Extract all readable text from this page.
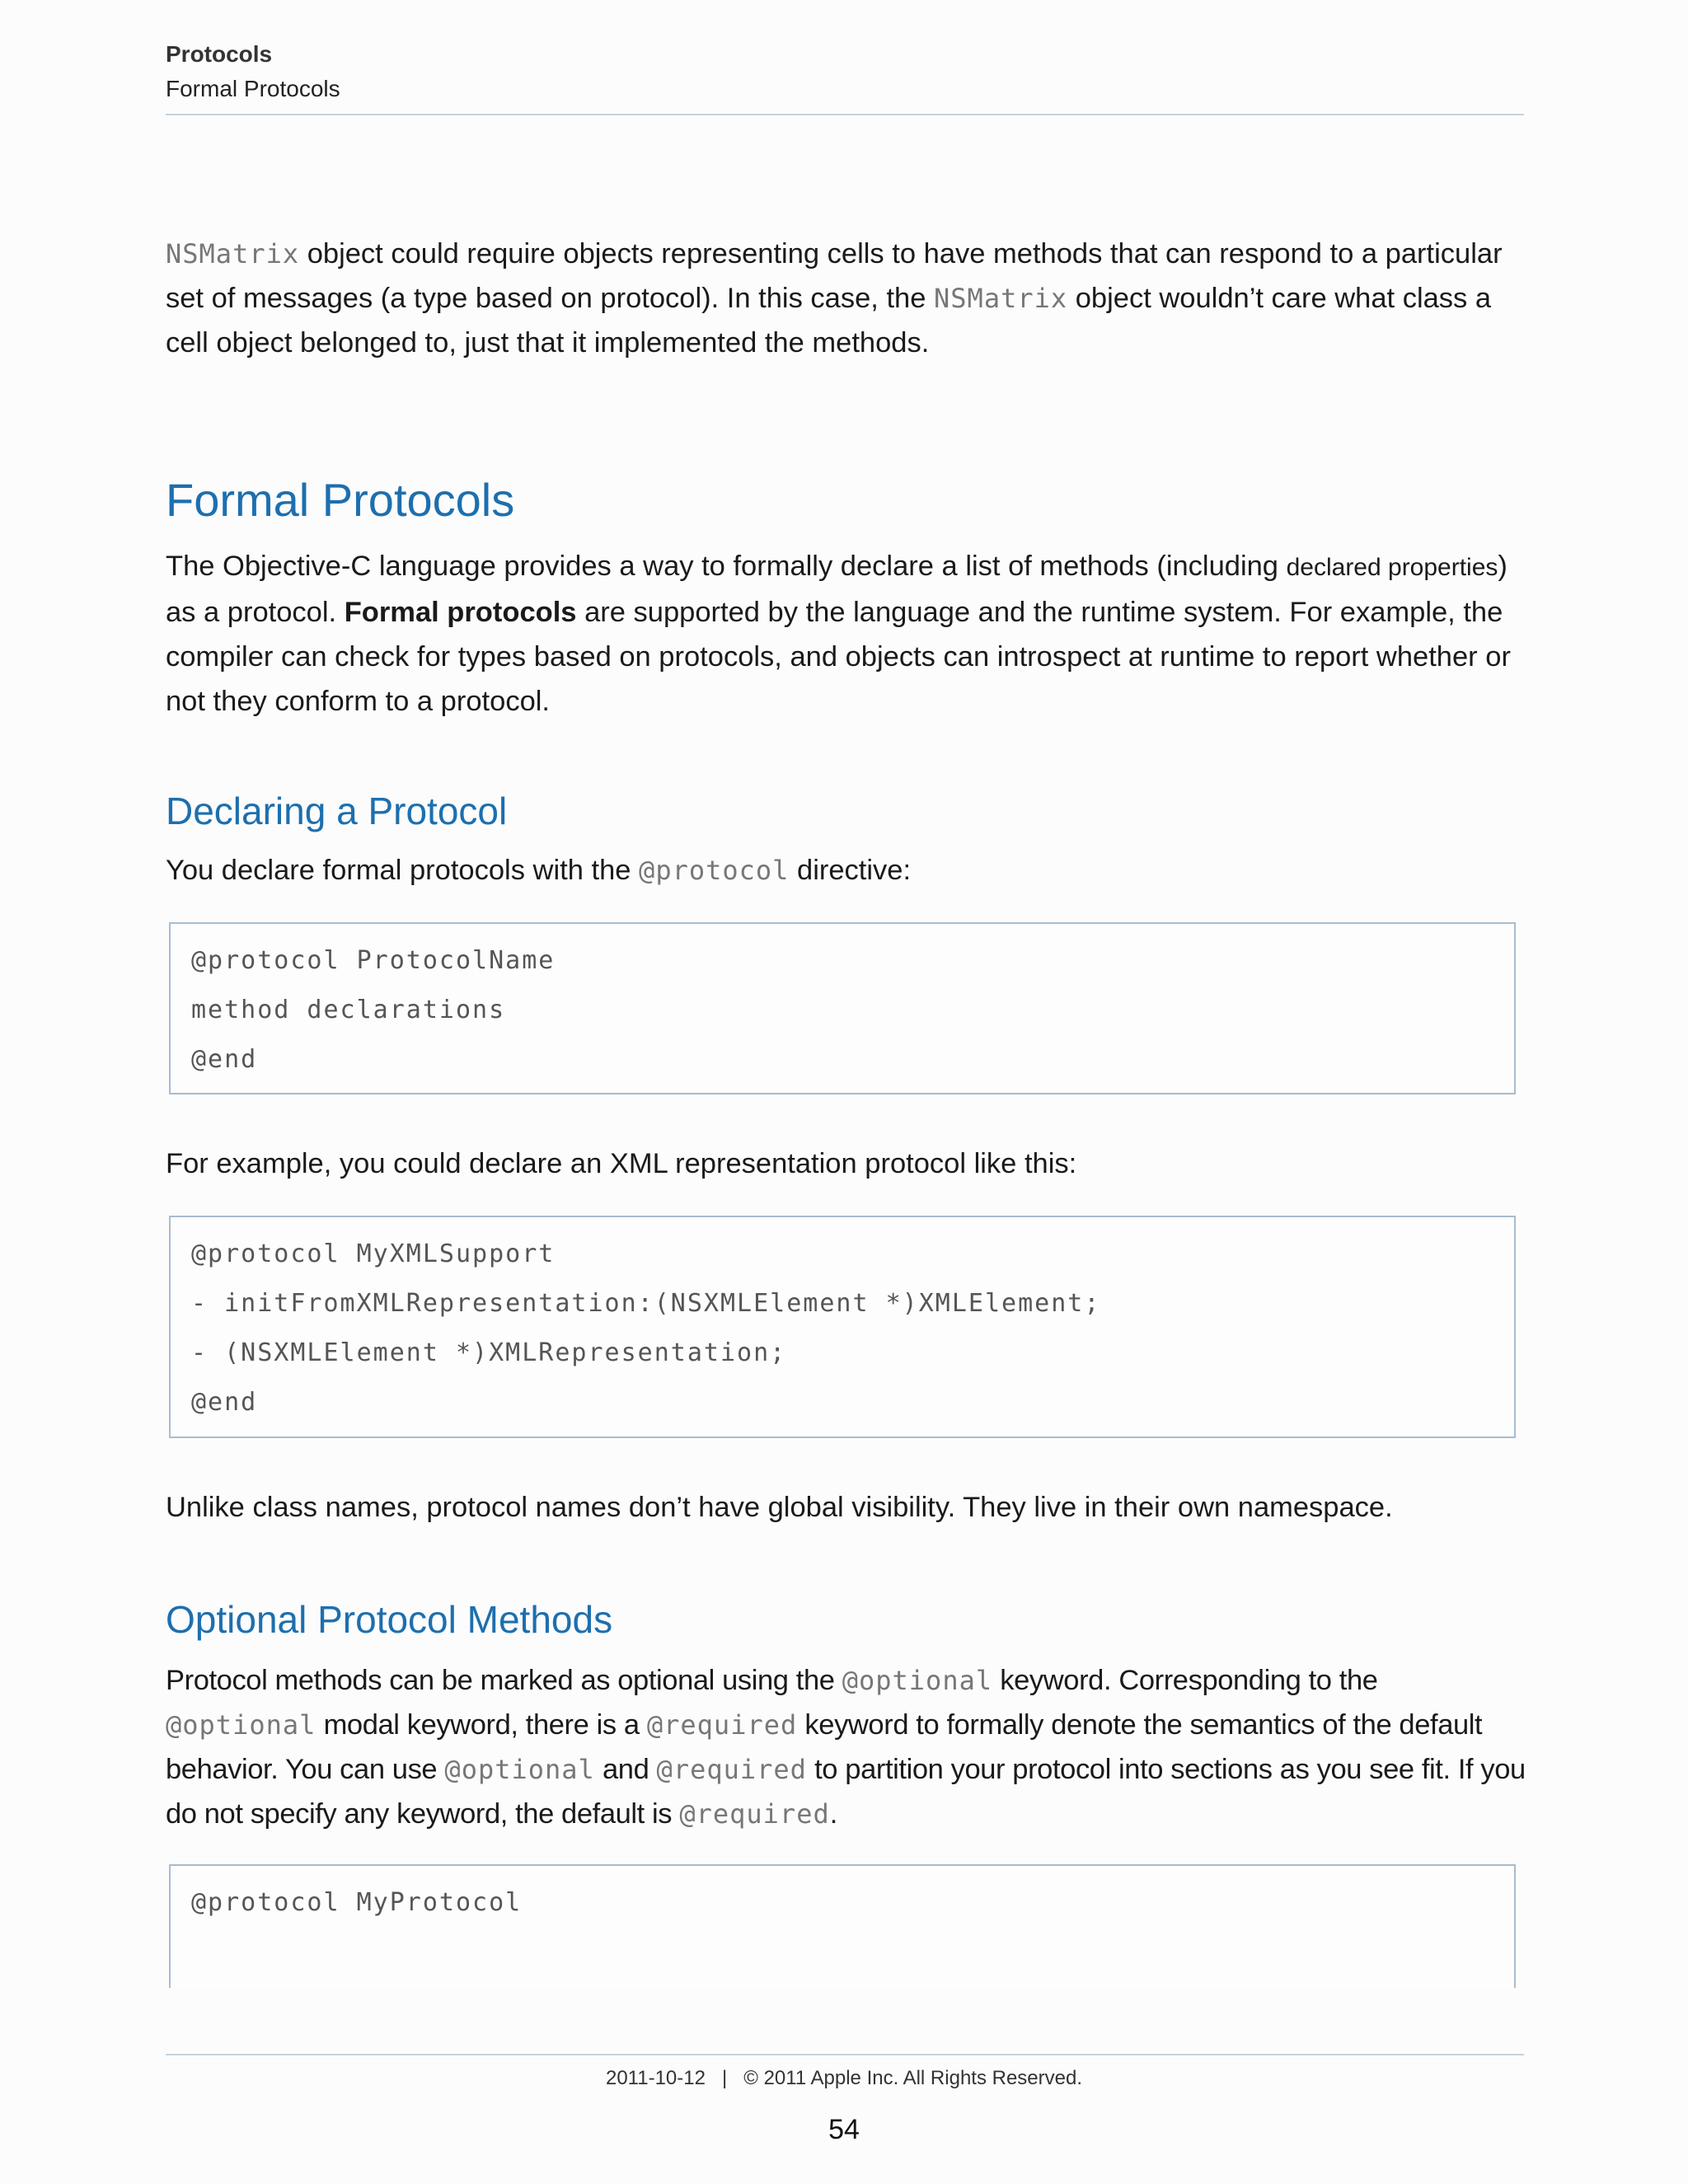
Protocols
Formal Protocols

NSMatrix object could require objects representing cells to have methods that can respond to a particular set of messages (a type based on protocol). In this case, the NSMatrix object wouldn’t care what class a cell object belonged to, just that it implemented the methods.

Formal Protocols

The Objective-C language provides a way to formally declare a list of methods (including declared properties) as a protocol. Formal protocols are supported by the language and the runtime system. For example, the compiler can check for types based on protocols, and objects can introspect at runtime to report whether or not they conform to a protocol.

Declaring a Protocol

You declare formal protocols with the @protocol directive:

@protocol ProtocolName
method declarations
@end

For example, you could declare an XML representation protocol like this:

@protocol MyXMLSupport
- initFromXMLRepresentation:(NSXMLElement *)XMLElement;
- (NSXMLElement *)XMLRepresentation;
@end

Unlike class names, protocol names don’t have global visibility. They live in their own namespace.

Optional Protocol Methods

Protocol methods can be marked as optional using the @optional keyword. Corresponding to the @optional modal keyword, there is a @required keyword to formally denote the semantics of the default behavior. You can use @optional and @required to partition your protocol into sections as you see fit. If you do not specify any keyword, the default is @required.

@protocol MyProtocol
2011-10-12   |   © 2011 Apple Inc. All Rights Reserved.
54
